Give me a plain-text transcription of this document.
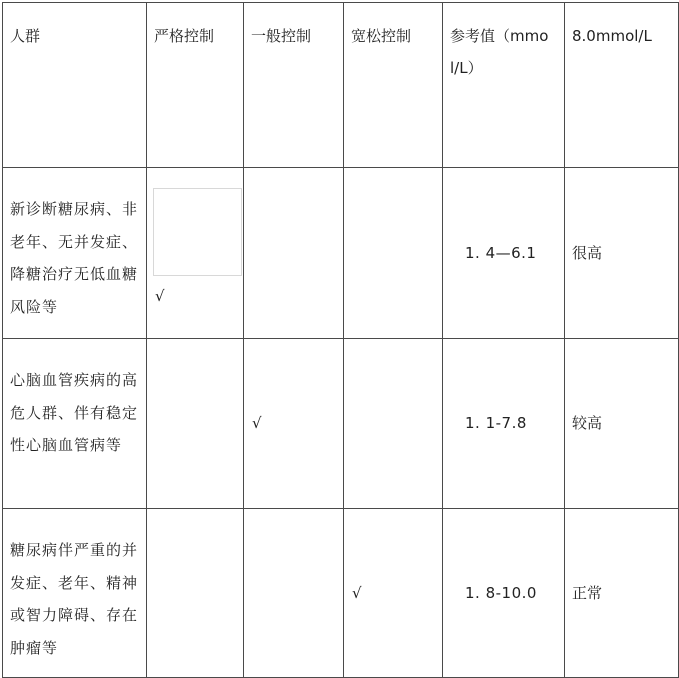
人群	严格控制	一般控制	宽松控制	参考值（mmol/L）	8.0mmol/L

新诊断糖尿病、非老年、无并发症、降糖治疗无低血糖风险等	√			1. 4—6.1	很高

心脑血管疾病的高危人群、伴有稳定性心脑血管病等		√		1. 1-7.8	较高

糖尿病伴严重的并发症、老年、精神或智力障碍、存在肿瘤等			√	1. 8-10.0	正常
